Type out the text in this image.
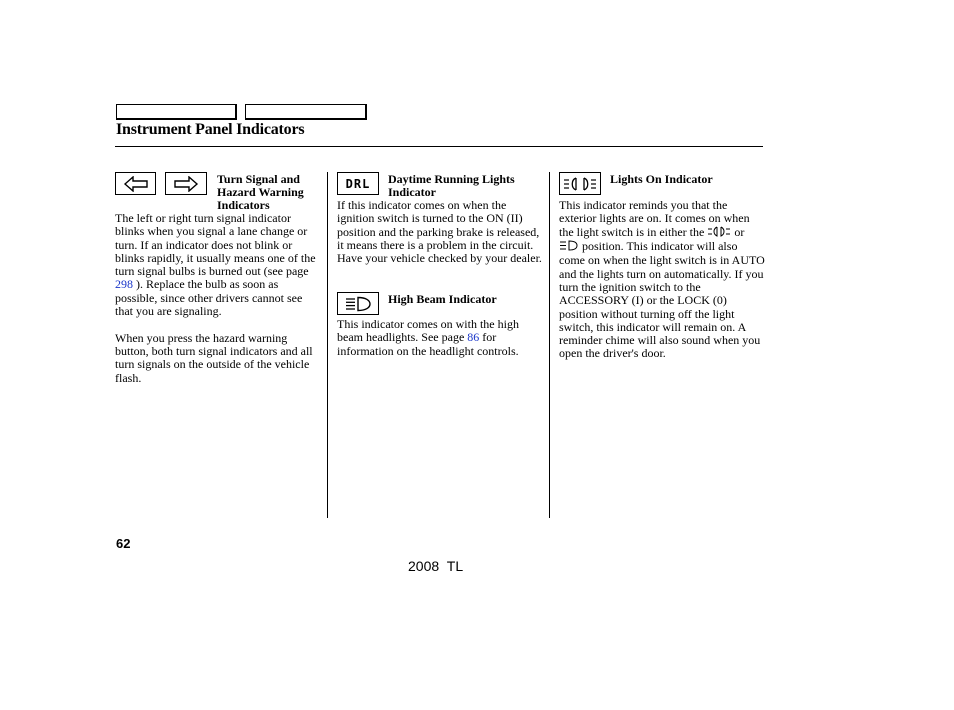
Instrument Panel Indicators
Turn Signal and Hazard Warning Indicators

The left or right turn signal indicator blinks when you signal a lane change or turn. If an indicator does not blink or blinks rapidly, it usually means one of the turn signal bulbs is burned out (see page 298 ). Replace the bulb as soon as possible, since other drivers cannot see that you are signaling.

When you press the hazard warning button, both turn signal indicators and all turn signals on the outside of the vehicle flash.

DRL Daytime Running Lights Indicator
If this indicator comes on when the ignition switch is turned to the ON (II) position and the parking brake is released, it means there is a problem in the circuit. Have your vehicle checked by your dealer.
High Beam Indicator

This indicator comes on with the high beam headlights. See page 86 for information on the headlight controls.

Lights On Indicator

This indicator reminds you that the exterior lights are on. It comes on when the light switch is in either the  or  position. This indicator will also come on when the light switch is in AUTO and the lights turn on automatically. If you turn the ignition switch to the ACCESSORY (I) or the LOCK (0) position without turning off the light switch, this indicator will remain on. A reminder chime will also sound when you open the driver's door.

62
2008 TL
